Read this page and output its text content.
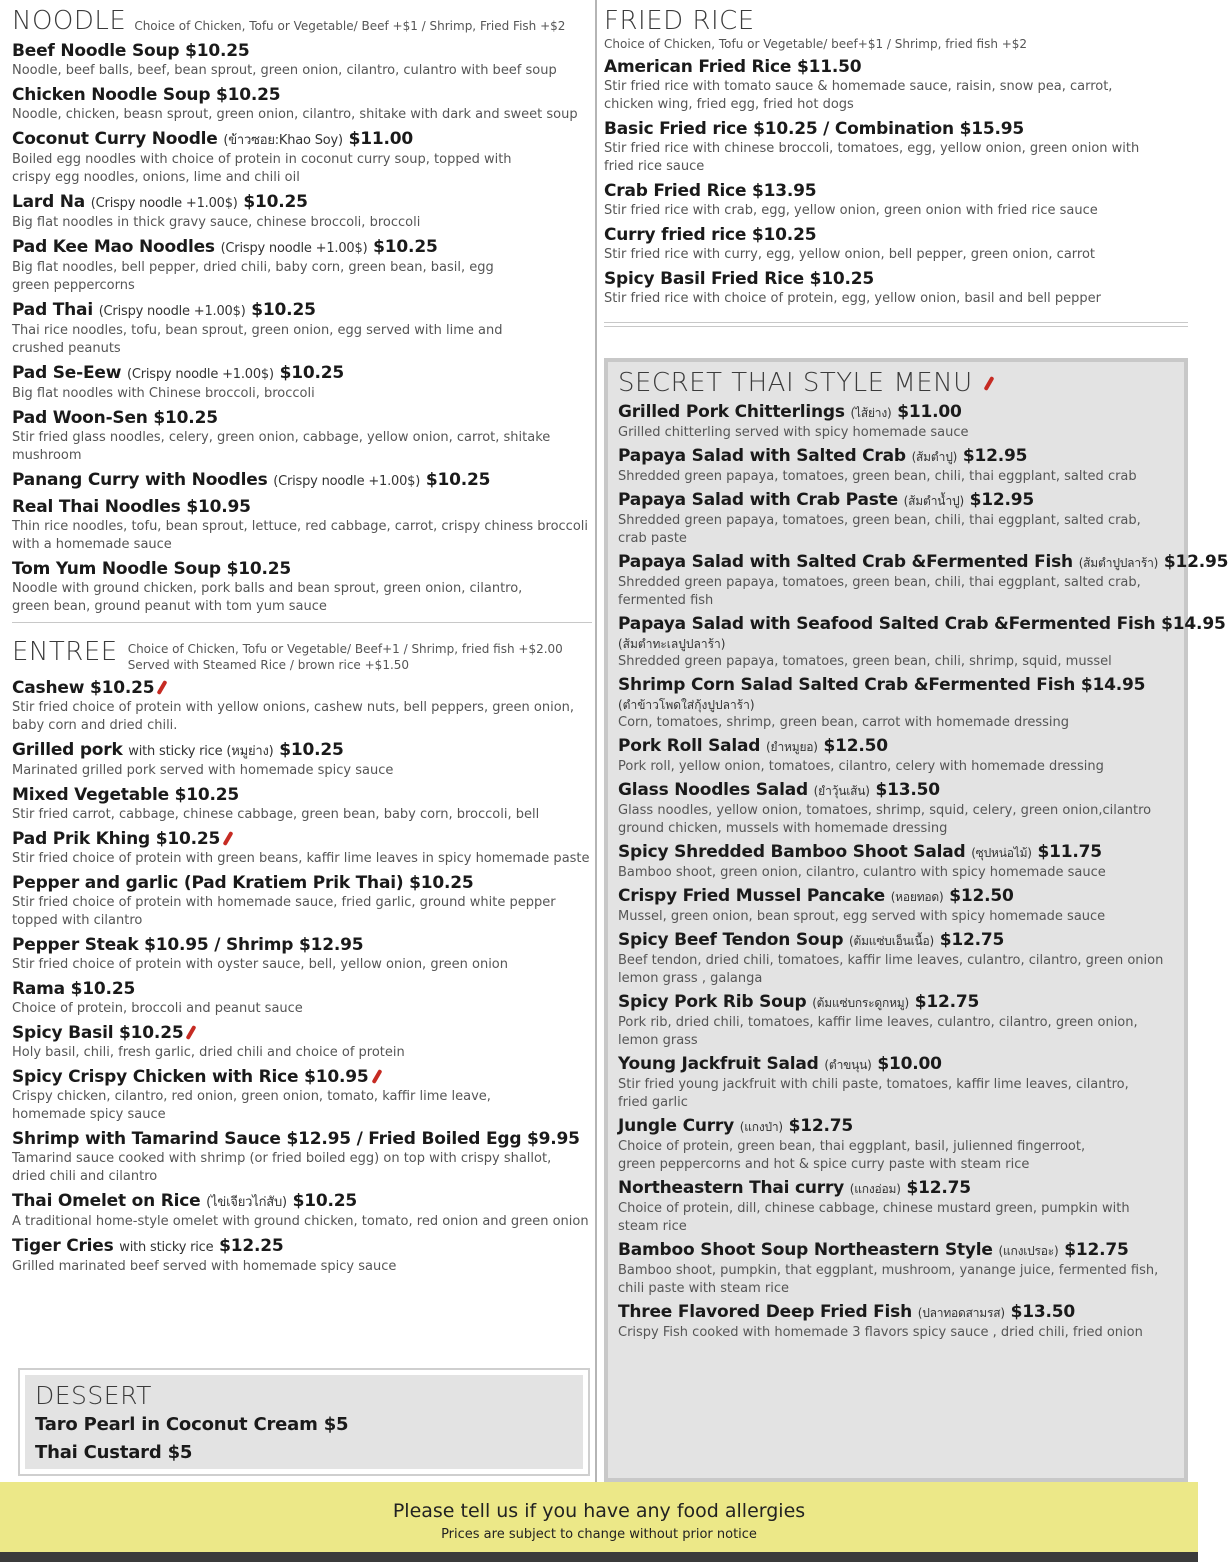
NOODLE Choice of Chicken, Tofu or Vegetable/ Beef +$1 / Shrimp, Fried Fish +$2
Beef Noodle Soup $10.25
Noodle, beef balls, beef, bean sprout, green onion, cilantro, culantro with beef soup
Chicken Noodle Soup $10.25
Noodle, chicken, beasn sprout, green onion, cilantro, shitake with dark and sweet soup
Coconut Curry Noodle (ข้าวซอย:Khao Soy) $11.00
Boiled egg noodles with choice of protein in coconut curry soup, topped with
crispy egg noodles, onions, lime and chili oil
Lard Na (Crispy noodle +1.00$) $10.25
Big flat noodles in thick gravy sauce, chinese broccoli, broccoli
Pad Kee Mao Noodles (Crispy noodle +1.00$) $10.25
Big flat noodles, bell pepper, dried chili, baby corn, green bean, basil, egg
green peppercorns
Pad Thai (Crispy noodle +1.00$) $10.25
Thai rice noodles, tofu, bean sprout, green onion, egg served with lime and
crushed peanuts
Pad Se-Eew (Crispy noodle +1.00$) $10.25
Big flat noodles with Chinese broccoli, broccoli
Pad Woon-Sen $10.25
Stir fried glass noodles, celery, green onion, cabbage, yellow onion, carrot, shitake mushroom
Panang Curry with Noodles (Crispy noodle +1.00$) $10.25
Real Thai Noodles $10.95
Thin rice noodles, tofu, bean sprout, lettuce, red cabbage, carrot, crispy chiness broccoli
with a homemade sauce
Tom Yum Noodle Soup $10.25
Noodle with ground chicken, pork balls and bean sprout, green onion, cilantro,
green bean, ground peanut with tom yum sauce
ENTREE Choice of Chicken, Tofu or Vegetable/ Beef+1 / Shrimp, fried fish +$2.00
Served with Steamed Rice / brown rice +$1.50
Cashew $10.25
Stir fried choice of protein with yellow onions, cashew nuts, bell peppers, green onion,
baby corn and dried chili.
Grilled pork with sticky rice (หมูย่าง) $10.25
Marinated grilled pork served with homemade spicy sauce
Mixed Vegetable $10.25
Stir fried carrot, cabbage, chinese cabbage, green bean, baby corn, broccoli, bell
Pad Prik Khing $10.25
Stir fried choice of protein with green beans, kaffir lime leaves in spicy homemade paste
Pepper and garlic (Pad Kratiem Prik Thai) $10.25
Stir fried choice of protein with homemade sauce, fried garlic, ground white pepper
topped with cilantro
Pepper Steak $10.95 / Shrimp $12.95
Stir fried choice of protein with oyster sauce, bell, yellow onion, green onion
Rama $10.25
Choice of protein, broccoli and peanut sauce
Spicy Basil $10.25
Holy basil, chili, fresh garlic, dried chili and choice of protein
Spicy Crispy Chicken with Rice $10.95
Crispy chicken, cilantro, red onion, green onion, tomato, kaffir lime leave,
homemade spicy sauce
Shrimp with Tamarind Sauce $12.95 / Fried Boiled Egg $9.95
Tamarind sauce cooked with shrimp (or fried boiled egg) on top with crispy shallot,
dried chili and cilantro
Thai Omelet on Rice (ไข่เจียวไก่สับ) $10.25
A traditional home-style omelet with ground chicken, tomato, red onion and green onion
Tiger Cries with sticky rice $12.25
Grilled marinated beef served with homemade spicy sauce
DESSERT
Taro Pearl in Coconut Cream $5
Thai Custard $5
FRIED RICE
Choice of Chicken, Tofu or Vegetable/ beef+$1 / Shrimp, fried fish +$2
American Fried Rice $11.50
Stir fried rice with tomato sauce & homemade sauce, raisin, snow pea, carrot,
chicken wing, fried egg, fried hot dogs
Basic Fried rice $10.25 / Combination $15.95
Stir fried rice with chinese broccoli, tomatoes, egg, yellow onion, green onion with
fried rice sauce
Crab Fried Rice $13.95
Stir fried rice with crab, egg, yellow onion, green onion with fried rice sauce
Curry fried rice $10.25
Stir fried rice with curry, egg, yellow onion, bell pepper, green onion, carrot
Spicy Basil Fried Rice $10.25
Stir fried rice with choice of protein, egg, yellow onion, basil and bell pepper
SECRET THAI STYLE MENU
Grilled Pork Chitterlings (ไส้ย่าง) $11.00
Grilled chitterling served with spicy homemade sauce
Papaya Salad with Salted Crab (ส้มตำปู) $12.95
Shredded green papaya, tomatoes, green bean, chili, thai eggplant, salted crab
Papaya Salad with Crab Paste (ส้มตำน้ำปู) $12.95
Shredded green papaya, tomatoes, green bean, chili, thai eggplant, salted crab,
crab paste
Papaya Salad with Salted Crab &Fermented Fish (ส้มตำปูปลาร้า) $12.95
Shredded green papaya, tomatoes, green bean, chili, thai eggplant, salted crab,
fermented fish
Papaya Salad with Seafood Salted Crab &Fermented Fish $14.95
(ส้มตำทะเลปูปลาร้า)
Shredded green papaya, tomatoes, green bean, chili, shrimp, squid, mussel
Shrimp Corn Salad Salted Crab &Fermented Fish $14.95
(ตำข้าวโพดใส่กุ้งปูปลาร้า)
Corn, tomatoes, shrimp, green bean, carrot with homemade dressing
Pork Roll Salad (ยำหมูยอ) $12.50
Pork roll, yellow onion, tomatoes, cilantro, celery with homemade dressing
Glass Noodles Salad (ยำวุ้นเส้น) $13.50
Glass noodles, yellow onion, tomatoes, shrimp, squid, celery, green onion,cilantro
ground chicken, mussels with homemade dressing
Spicy Shredded Bamboo Shoot Salad (ซุปหน่อไม้) $11.75
Bamboo shoot, green onion, cilantro, culantro with spicy homemade sauce
Crispy Fried Mussel Pancake (หอยทอด) $12.50
Mussel, green onion, bean sprout, egg served with spicy homemade sauce
Spicy Beef Tendon Soup (ต้มแซ่บเอ็นเนื้อ) $12.75
Beef tendon, dried chili, tomatoes, kaffir lime leaves, culantro, cilantro, green onion
lemon grass , galanga
Spicy Pork Rib Soup (ต้มแซ่บกระดูกหมู) $12.75
Pork rib, dried chili, tomatoes, kaffir lime leaves, culantro, cilantro, green onion,
lemon grass
Young Jackfruit Salad (ตำขนุน) $10.00
Stir fried young jackfruit with chili paste, tomatoes, kaffir lime leaves, cilantro,
fried garlic
Jungle Curry (แกงป่า) $12.75
Choice of protein, green bean, thai eggplant, basil, julienned fingerroot,
green peppercorns and hot & spice curry paste with steam rice
Northeastern Thai curry (แกงอ่อม) $12.75
Choice of protein, dill, chinese cabbage, chinese mustard green, pumpkin with steam rice
Bamboo Shoot Soup Northeastern Style (แกงเปรอะ) $12.75
Bamboo shoot, pumpkin, that eggplant, mushroom, yanange juice, fermented fish,
chili paste with steam rice
Three Flavored Deep Fried Fish (ปลาทอดสามรส) $13.50
Crispy Fish cooked with homemade 3 flavors spicy sauce , dried chili, fried onion
Please tell us if you have any food allergies
Prices are subject to change without prior notice
